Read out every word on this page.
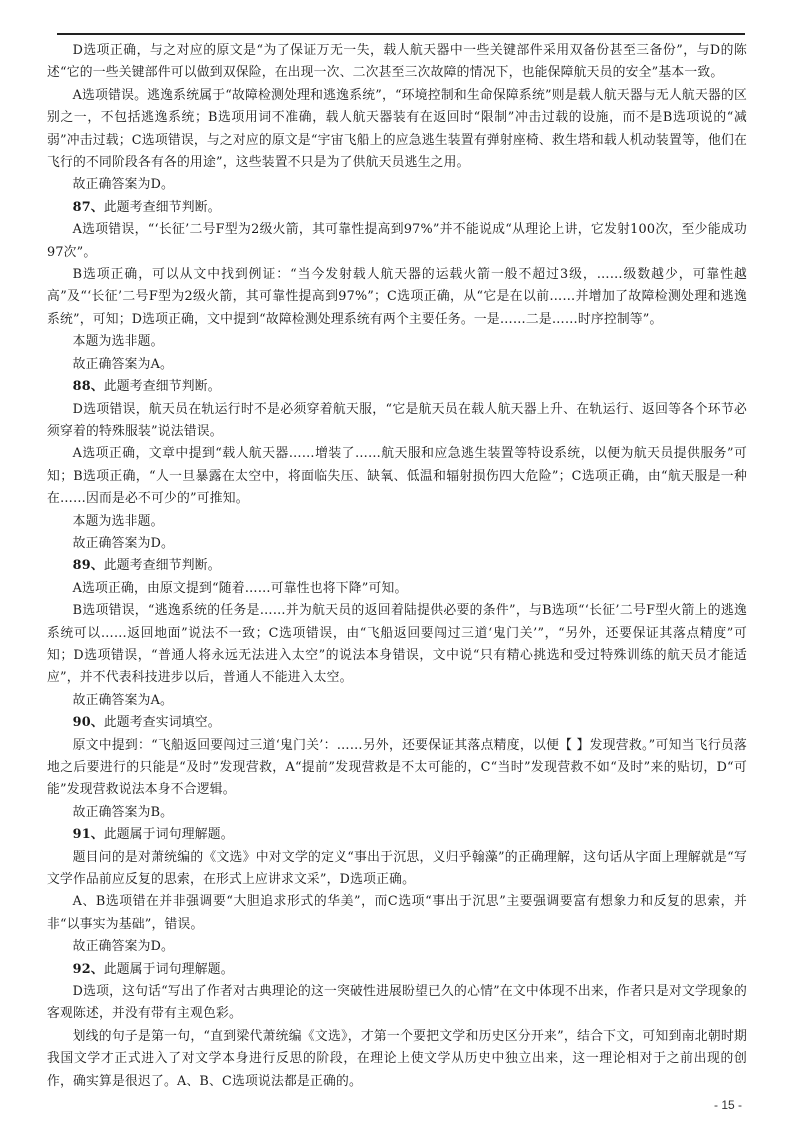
D选项正确，与之对应的原文是“为了保证万无一失，载人航天器中一些关键部件采用双备份甚至三备份”，与D的陈述“它的一些关键部件可以做到双保险，在出现一次、二次甚至三次故障的情况下，也能保障航天员的安全”基本一致。

A选项错误。逃逸系统属于“故障检测处理和逃逸系统”，“环境控制和生命保障系统”则是载人航天器与无人航天器的区别之一，不包括逃逸系统；B选项用词不准确，载人航天器装有在返回时“限制”冲击过载的设施，而不是B选项说的“减弱”冲击过载；C选项错误，与之对应的原文是“宇宙飞船上的应急逃生装置有弹射座椅、救生塔和载人机动装置等，他们在飞行的不同阶段各有各的用途”，这些装置不只是为了供航天员逃生之用。

故正确答案为D。

87、此题考查细节判断。

A选项错误，“‘长征’二号F型为2级火箭，其可靠性提高到97%”并不能说成“从理论上讲，它发射100次，至少能成功97次”。

B选项正确，可以从文中找到例证：“当今发射载人航天器的运载火箭一般不超过3级，……级数越少，可靠性越高”及“‘长征’二号F型为2级火箭，其可靠性提高到97%”；C选项正确，从“它是在以前……并增加了故障检测处理和逃逸系统”，可知；D选项正确，文中提到“故障检测处理系统有两个主要任务。一是……二是……时序控制等”。

本题为选非题。

故正确答案为A。

88、此题考查细节判断。

D选项错误，航天员在轨运行时不是必须穿着航天服，“它是航天员在载人航天器上升、在轨运行、返回等各个环节必须穿着的特殊服装”说法错误。

A选项正确，文章中提到“载人航天器……增装了……航天服和应急逃生装置等特设系统，以便为航天员提供服务”可知；B选项正确，“人一旦暴露在太空中，将面临失压、缺氧、低温和辐射损伤四大危险”；C选项正确，由“航天服是一种在……因而是必不可少的”可推知。

本题为选非题。

故正确答案为D。

89、此题考查细节判断。

A选项正确，由原文提到“随着……可靠性也将下降”可知。

B选项错误，“逃逸系统的任务是……并为航天员的返回着陆提供必要的条件”，与B选项“‘长征’二号F型火箭上的逃逸系统可以……返回地面”说法不一致；C选项错误，由“飞船返回要闯过三道‘鬼门关’”，“另外，还要保证其落点精度”可知；D选项错误，“普通人将永远无法进入太空”的说法本身错误，文中说“只有精心挑选和受过特殊训练的航天员才能适应”，并不代表科技进步以后，普通人不能进入太空。

故正确答案为A。

90、此题考查实词填空。

原文中提到：“飞船返回要闯过三道‘鬼门关’：……另外，还要保证其落点精度，以便【 】发现营救。”可知当飞行员落地之后要进行的只能是“及时”发现营救，A“提前”发现营救是不太可能的，C“当时”发现营救不如“及时”来的贴切，D“可能”发现营救说法本身不合逻辑。

故正确答案为B。

91、此题属于词句理解题。

题目问的是对萧统编的《文选》中对文学的定义“事出于沉思，义归乎翰藻”的正确理解，这句话从字面上理解就是“写文学作品前应反复的思索，在形式上应讲求文采”，D选项正确。

A、B选项错在并非强调要“大胆追求形式的华美”，而C选项“事出于沉思”主要强调要富有想象力和反复的思索，并非“以事实为基础”，错误。

故正确答案为D。

92、此题属于词句理解题。

D选项，这句话“写出了作者对古典理论的这一突破性进展盼望已久的心情”在文中体现不出来，作者只是对文学现象的客观陈述，并没有带有主观色彩。

划线的句子是第一句，“直到梁代萧统编《文选》，才第一个要把文学和历史区分开来”，结合下文，可知到南北朝时期我国文学才正式进入了对文学本身进行反思的阶段，在理论上使文学从历史中独立出来，这一理论相对于之前出现的创作，确实算是很迟了。A、B、C选项说法都是正确的。

- 15 -
